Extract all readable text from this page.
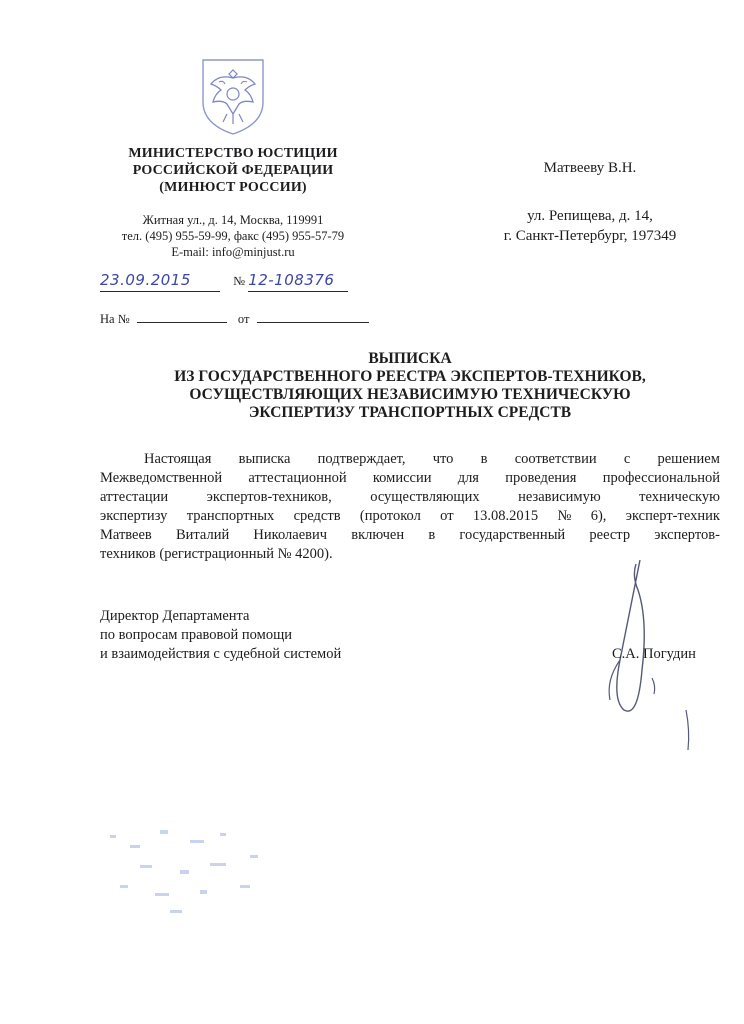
МИНИСТЕРСТВО ЮСТИЦИИ
РОССИЙСКОЙ ФЕДЕРАЦИИ
(МИНЮСТ РОССИИ)
Житная ул., д. 14, Москва, 119991
тел. (495) 955-59-99, факс (495) 955-57-79
E-mail: info@minjust.ru
23.09.2015	№ 12-108376
На №	от
Матвееву В.Н.
ул. Репищева, д. 14,
г. Санкт-Петербург, 197349
ВЫПИСКА
ИЗ ГОСУДАРСТВЕННОГО РЕЕСТРА ЭКСПЕРТОВ-ТЕХНИКОВ,
ОСУЩЕСТВЛЯЮЩИХ НЕЗАВИСИМУЮ ТЕХНИЧЕСКУЮ
ЭКСПЕРТИЗУ ТРАНСПОРТНЫХ СРЕДСТВ
Настоящая выписка подтверждает, что в соответствии с решением
Межведомственной аттестационной комиссии для проведения профессиональной
аттестации	экспертов-техников,	осуществляющих	независимую	техническую
экспертизу транспортных средств (протокол от 13.08.2015 № 6), эксперт-техник
Матвеев Виталий Николаевич включен в государственный реестр экспертов-
техников (регистрационный № 4200).
Директор Департамента
по вопросам правовой помощи
и взаимодействия с судебной системой	С.А. Погудин
